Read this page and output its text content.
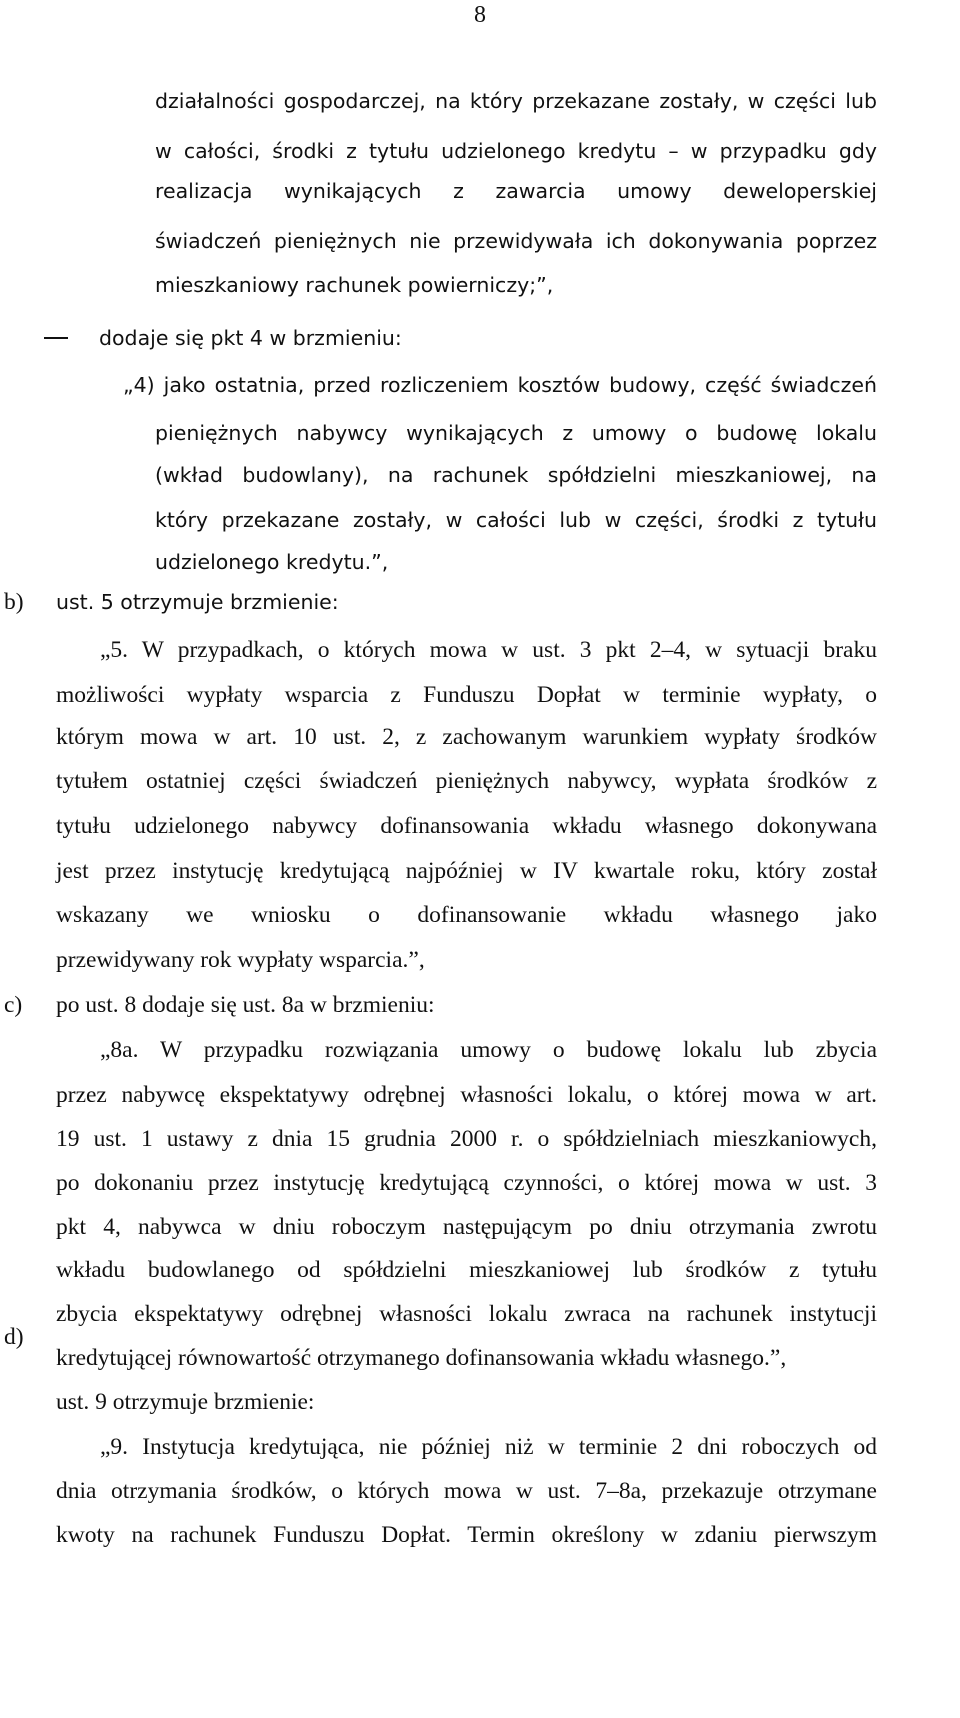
8
b)
c)
d)
działalności gospodarczej, na który przekazane zostały, w części lub
w całości, środki z tytułu udzielonego kredytu – w przypadku gdy
realizacja wynikających z zawarcia umowy deweloperskiej
świadczeń pieniężnych nie przewidywała ich dokonywania poprzez
mieszkaniowy rachunek powierniczy;”,
dodaje się pkt 4 w brzmieniu:
„4) jako ostatnia, przed rozliczeniem kosztów budowy, część świadczeń
pieniężnych nabywcy wynikających z umowy o budowę lokalu
(wkład budowlany), na rachunek spółdzielni mieszkaniowej, na
który przekazane zostały, w całości lub w części, środki z tytułu
udzielonego kredytu.”,
ust. 5 otrzymuje brzmienie:
„5. W przypadkach, o których mowa w ust. 3 pkt 2–4, w sytuacji braku
możliwości wypłaty wsparcia z Funduszu Dopłat w terminie wypłaty, o
którym mowa w art. 10 ust. 2, z zachowanym warunkiem wypłaty środków
tytułem ostatniej części świadczeń pieniężnych nabywcy, wypłata środków z
tytułu udzielonego nabywcy dofinansowania wkładu własnego dokonywana
jest przez instytucję kredytującą najpóźniej w IV kwartale roku, który został
wskazany we wniosku o dofinansowanie wkładu własnego jako
przewidywany rok wypłaty wsparcia.”,
po ust. 8 dodaje się ust. 8a w brzmieniu:
„8a. W przypadku rozwiązania umowy o budowę lokalu lub zbycia
przez nabywcę ekspektatywy odrębnej własności lokalu, o której mowa w art.
19 ust. 1 ustawy z dnia 15 grudnia 2000 r. o spółdzielniach mieszkaniowych,
po dokonaniu przez instytucję kredytującą czynności, o której mowa w ust. 3
pkt 4, nabywca w dniu roboczym następującym po dniu otrzymania zwrotu
wkładu budowlanego od spółdzielni mieszkaniowej lub środków z tytułu
zbycia ekspektatywy odrębnej własności lokalu zwraca na rachunek instytucji
kredytującej równowartość otrzymanego dofinansowania wkładu własnego.”,
ust. 9 otrzymuje brzmienie:
„9. Instytucja kredytująca, nie później niż w terminie 2 dni roboczych od
dnia otrzymania środków, o których mowa w ust. 7–8a, przekazuje otrzymane
kwoty na rachunek Funduszu Dopłat. Termin określony w zdaniu pierwszym
